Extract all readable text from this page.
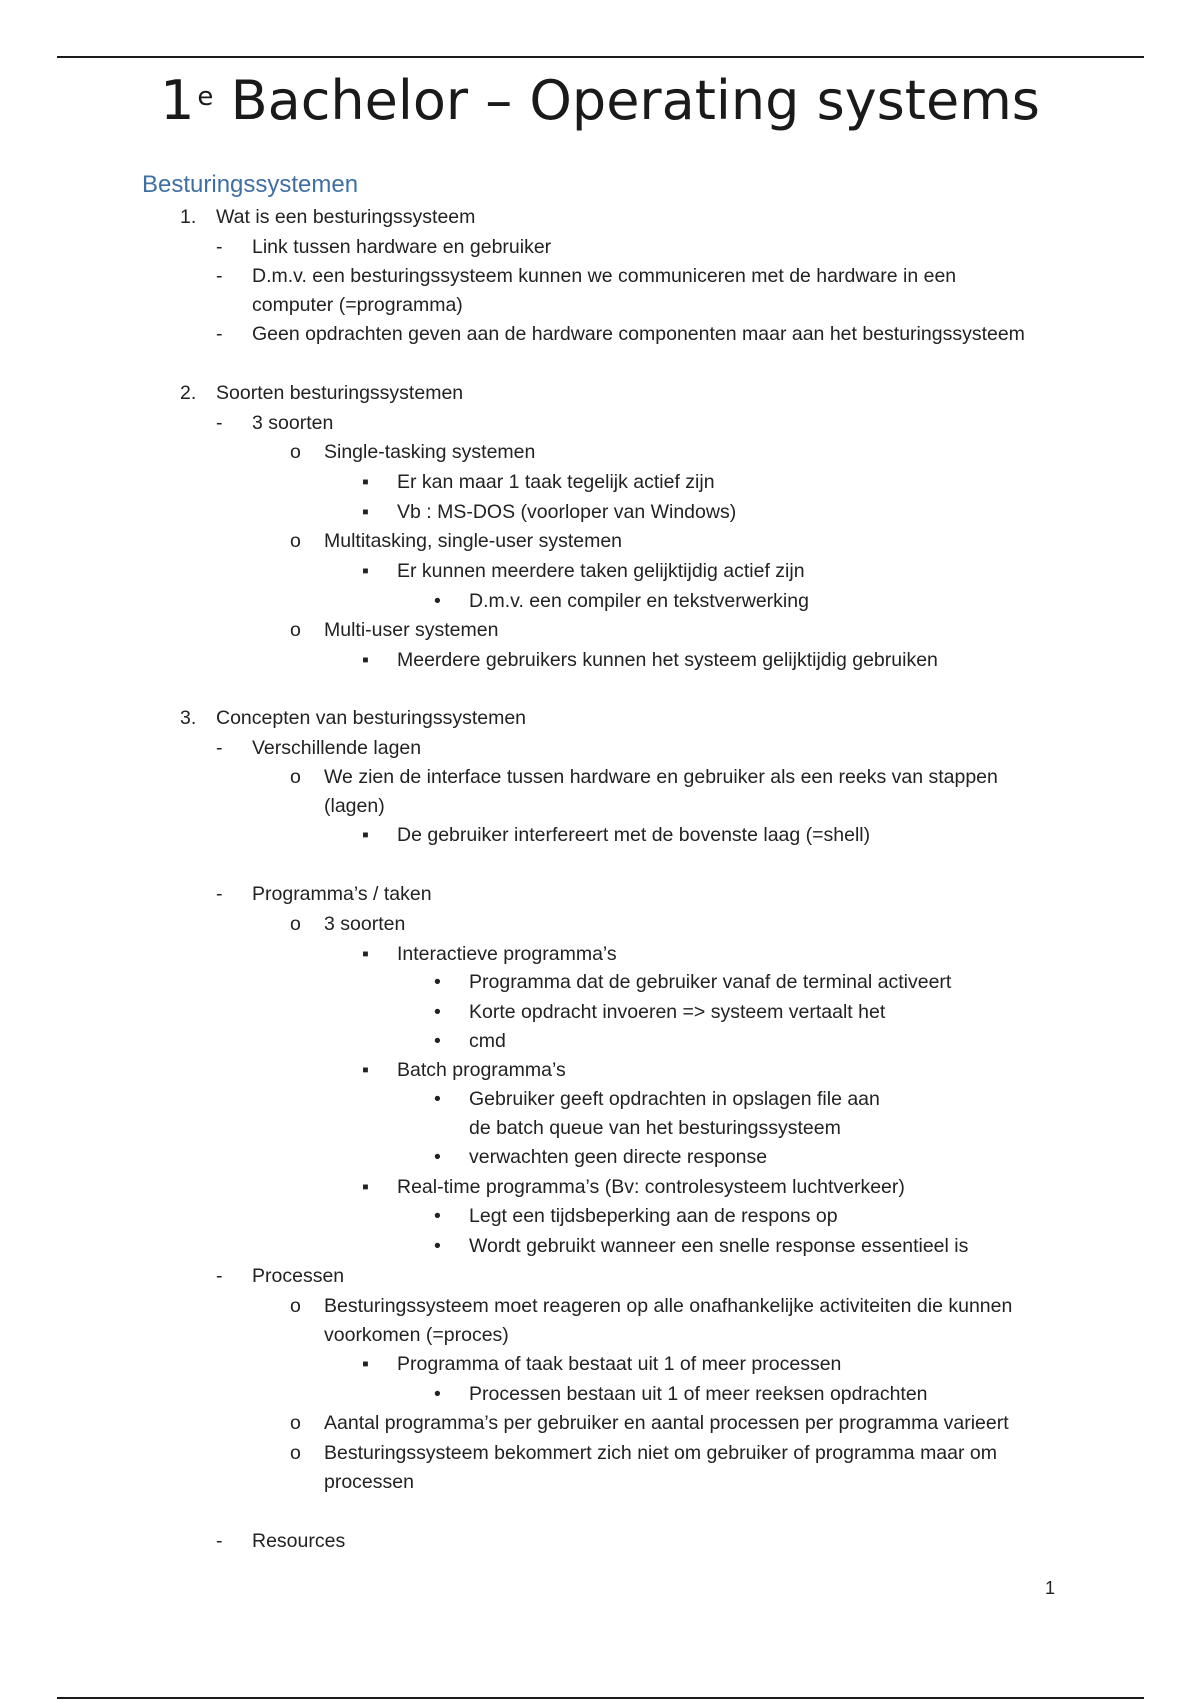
1 $^e$ Bachelor – Operating systems
Besturingssystemen
1. Wat is een besturingssysteem
- Link tussen hardware en gebruiker
- D.m.v. een besturingssysteem kunnen we communiceren met de hardware in een
computer (=programma)
- Geen opdrachten geven aan de hardware componenten maar aan het besturingssysteem
2. Soorten besturingssystemen
- 3 soorten
o Single-tasking systemen
▪ Er kan maar 1 taak tegelijk actief zijn
▪ Vb : MS-DOS (voorloper van Windows)
o Multitasking, single-user systemen
▪ Er kunnen meerdere taken gelijktijdig actief zijn
• D.m.v. een compiler en tekstverwerking
o Multi-user systemen
▪ Meerdere gebruikers kunnen het systeem gelijktijdig gebruiken
3. Concepten van besturingssystemen
- Verschillende lagen
o We zien de interface tussen hardware en gebruiker als een reeks van stappen
(lagen)
▪ De gebruiker interfereert met de bovenste laag (=shell)
- Programma’s / taken
o 3 soorten
▪ Interactieve programma’s
• Programma dat de gebruiker vanaf de terminal activeert
• Korte opdracht invoeren => systeem vertaalt het
• cmd
▪ Batch programma’s
• Gebruiker geeft opdrachten in opslagen file aan
de batch queue van het besturingssysteem
• verwachten geen directe response
▪ Real-time programma’s (Bv: controlesysteem luchtverkeer)
• Legt een tijdsbeperking aan de respons op
• Wordt gebruikt wanneer een snelle response essentieel is
- Processen
o Besturingssysteem moet reageren op alle onafhankelijke activiteiten die kunnen
voorkomen (=proces)
▪ Programma of taak bestaat uit 1 of meer processen
• Processen bestaan uit 1 of meer reeksen opdrachten
o Aantal programma’s per gebruiker en aantal processen per programma varieert
o Besturingssysteem bekommert zich niet om gebruiker of programma maar om
processen
- Resources
1
